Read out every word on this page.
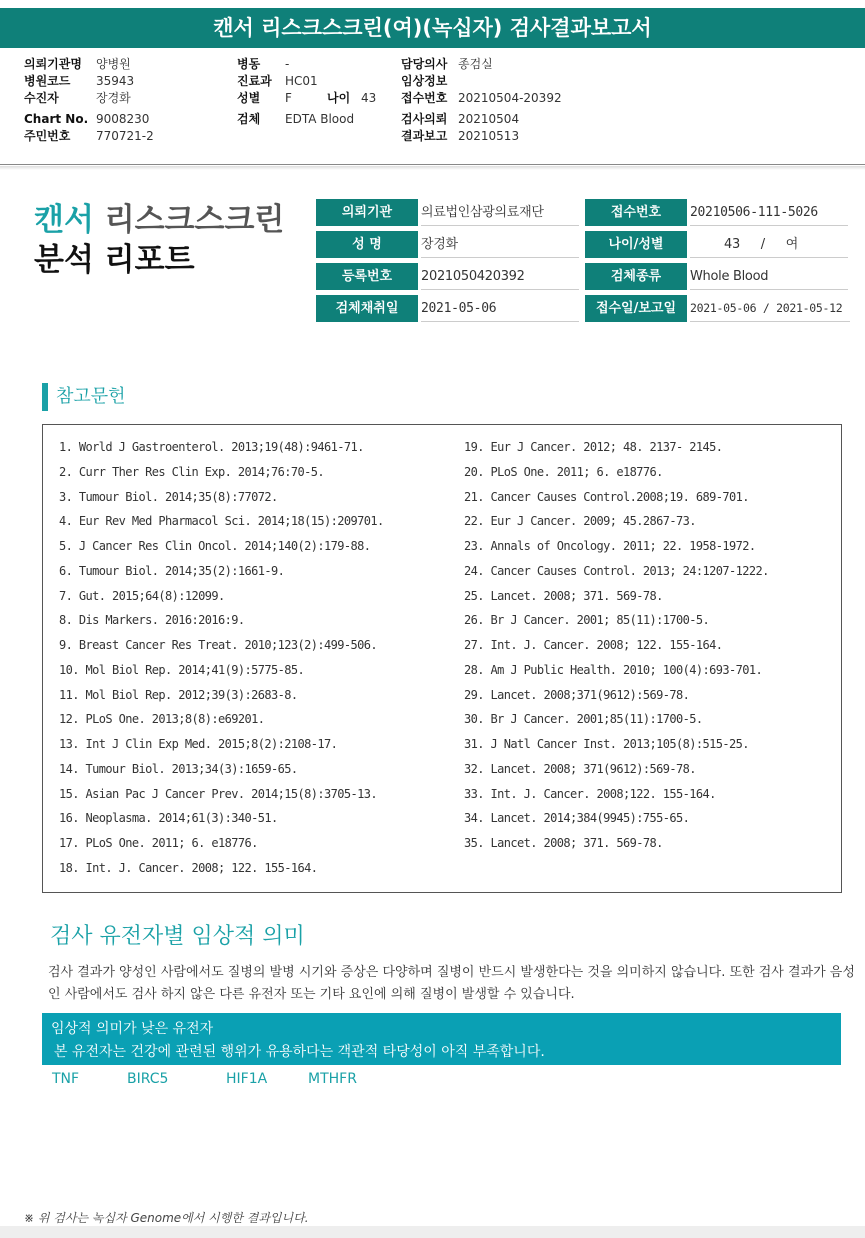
캔서 리스크스크린(여)(녹십자) 검사결과보고서
의뢰기관명 양병원
병원코드 35943
수진자	장경화
Chart No. 9008230
주민번호 770721-2
병동 -
진료과 HC01
성별 F	나이 43
검체 EDTA Blood
담당의사 종검실
임상정보
접수번호 20210504-20392
검사의뢰 20210504
결과보고 20210513
캔서 리스크스크린
분석 리포트
의뢰기관	의료법인삼광의료재단	접수번호	20210506-111-5026
성 명	장경화	나이/성별	43 / 여
등록번호	2021050420392	검체종류	Whole Blood
검체채취일	2021-05-06	접수일/보고일	2021-05-06 / 2021-05-12
참고문헌
1. World J Gastroenterol. 2013;19(48):9461-71.
2. Curr Ther Res Clin Exp. 2014;76:70-5.
3. Tumour Biol. 2014;35(8):77072.
4. Eur Rev Med Pharmacol Sci. 2014;18(15):209701.
5. J Cancer Res Clin Oncol. 2014;140(2):179-88.
6. Tumour Biol. 2014;35(2):1661-9.
7. Gut. 2015;64(8):12099.
8. Dis Markers. 2016:2016:9.
9. Breast Cancer Res Treat. 2010;123(2):499-506.
10. Mol Biol Rep. 2014;41(9):5775-85.
11. Mol Biol Rep. 2012;39(3):2683-8.
12. PLoS One. 2013;8(8):e69201.
13. Int J Clin Exp Med. 2015;8(2):2108-17.
14. Tumour Biol. 2013;34(3):1659-65.
15. Asian Pac J Cancer Prev. 2014;15(8):3705-13.
16. Neoplasma. 2014;61(3):340-51.
17. PLoS One. 2011; 6. e18776.
18. Int. J. Cancer. 2008; 122. 155-164.
19. Eur J Cancer. 2012; 48. 2137- 2145.
20. PLoS One. 2011; 6. e18776.
21. Cancer Causes Control.2008;19. 689-701.
22. Eur J Cancer. 2009; 45.2867-73.
23. Annals of Oncology. 2011; 22. 1958-1972.
24. Cancer Causes Control. 2013; 24:1207-1222.
25. Lancet. 2008; 371. 569-78.
26. Br J Cancer. 2001; 85(11):1700-5.
27. Int. J. Cancer. 2008; 122. 155-164.
28. Am J Public Health. 2010; 100(4):693-701.
29. Lancet. 2008;371(9612):569-78.
30. Br J Cancer. 2001;85(11):1700-5.
31. J Natl Cancer Inst. 2013;105(8):515-25.
32. Lancet. 2008; 371(9612):569-78.
33. Int. J. Cancer. 2008;122. 155-164.
34. Lancet. 2014;384(9945):755-65.
35. Lancet. 2008; 371. 569-78.
검사 유전자별 임상적 의미
검사 결과가 양성인 사람에서도 질병의 발병 시기와 증상은 다양하며 질병이 반드시 발생한다는 것을 의미하지 않습니다. 또한 검사 결과가 음성인 사람에서도 검사 하지 않은 다른 유전자 또는 기타 요인에 의해 질병이 발생할 수 있습니다.
임상적 의미가 낮은 유전자
본 유전자는 건강에 관련된 행위가 유용하다는 객관적 타당성이 아직 부족합니다.
TNF	BIRC5	HIF1A	MTHFR
※ 위 검사는 녹십자 Genome에서 시행한 결과입니다.
